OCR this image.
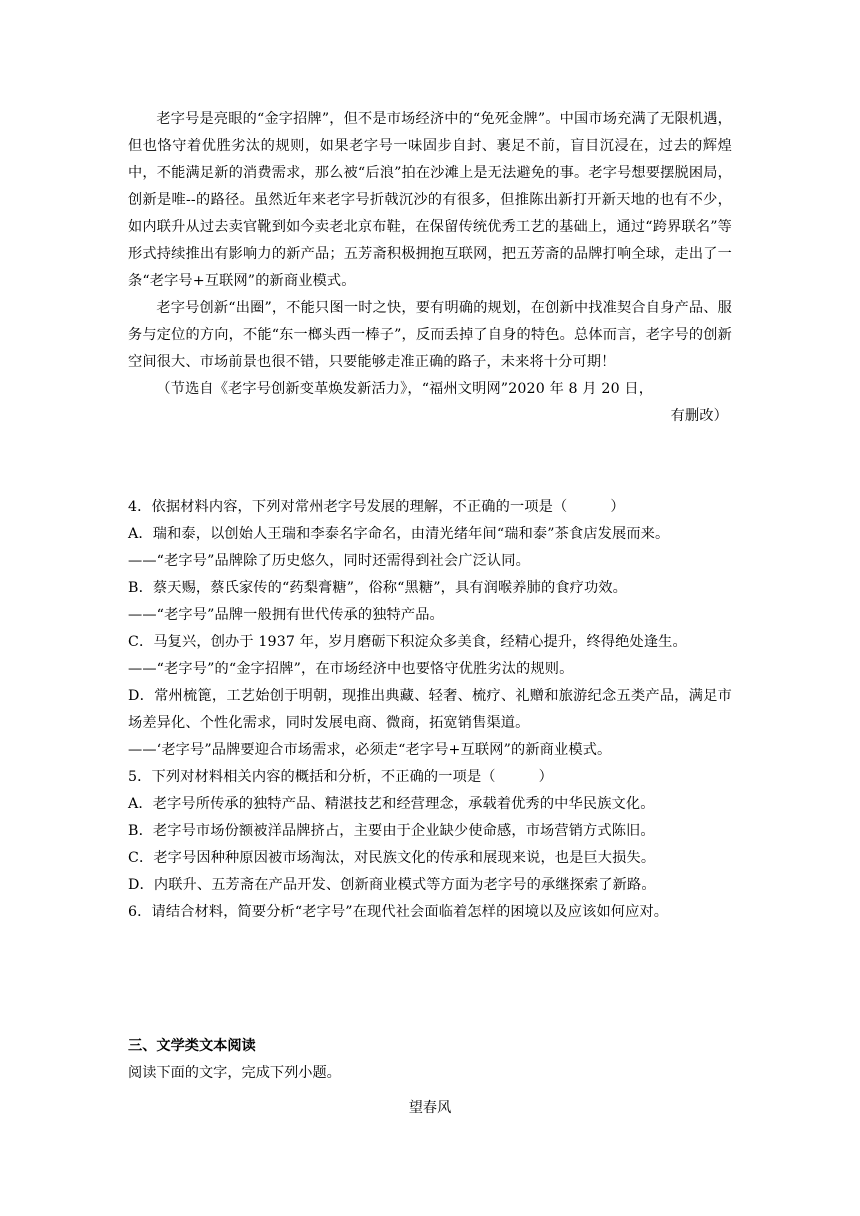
老字号是亮眼的“金字招牌”，但不是市场经济中的“免死金牌”。中国市场充满了无限机遇，但也恪守着优胜劣汰的规则，如果老字号一味固步自封、裹足不前，盲目沉浸在，过去的辉煌中，不能满足新的消费需求，那么被“后浪”拍在沙滩上是无法避免的事。老字号想要摆脱困局，创新是唯--的路径。虽然近年来老字号折戟沉沙的有很多，但推陈出新打开新天地的也有不少，如内联升从过去卖官靴到如今卖老北京布鞋，在保留传统优秀工艺的基础上，通过“跨界联名”等形式持续推出有影响力的新产品；五芳斋积极拥抱互联网，把五芳斋的品牌打响全球，走出了一条“老字号+互联网”的新商业模式。

老字号创新“出圈”，不能只图一时之快，要有明确的规划，在创新中找准契合自身产品、服务与定位的方向，不能“东一榔头西一棒子”，反而丢掉了自身的特色。总体而言，老字号的创新空间很大、市场前景也很不错，只要能够走准正确的路子，未来将十分可期！

（节选自《老字号创新变革焕发新活力》，“福州文明网”2020 年 8 月 20 日，

有删改）

4．依据材料内容，下列对常州老字号发展的理解，不正确的一项是（　　　）

A．瑞和泰，以创始人王瑞和李泰名字命名，由清光绪年间“瑞和泰”茶食店发展而来。

——“老字号”品牌除了历史悠久，同时还需得到社会广泛认同。

B．蔡天赐，蔡氏家传的“药梨膏糖”，俗称“黑糖”，具有润喉养肺的食疗功效。

——“老字号”品牌一般拥有世代传承的独特产品。

C．马复兴，创办于 1937 年，岁月磨砺下积淀众多美食，经精心提升，终得绝处逢生。

——“老字号”的“金字招牌”，在市场经济中也要恪守优胜劣汰的规则。

D．常州梳篦，工艺始创于明朝，现推出典藏、轻奢、梳疗、礼赠和旅游纪念五类产品，满足市场差异化、个性化需求，同时发展电商、微商，拓宽销售渠道。

——‘老字号”品牌要迎合市场需求，必须走“老字号+互联网”的新商业模式。

5．下列对材料相关内容的概括和分析，不正确的一项是（　　　）

A．老字号所传承的独特产品、精湛技艺和经营理念，承载着优秀的中华民族文化。

B．老字号市场份额被洋品牌挤占，主要由于企业缺少使命感，市场营销方式陈旧。

C．老字号因种种原因被市场淘汰，对民族文化的传承和展现来说，也是巨大损失。

D．内联升、五芳斋在产品开发、创新商业模式等方面为老字号的承继探索了新路。

6．请结合材料，简要分析“老字号”在现代社会面临着怎样的困境以及应该如何应对。

三、文学类文本阅读
阅读下面的文字，完成下列小题。
望春风
